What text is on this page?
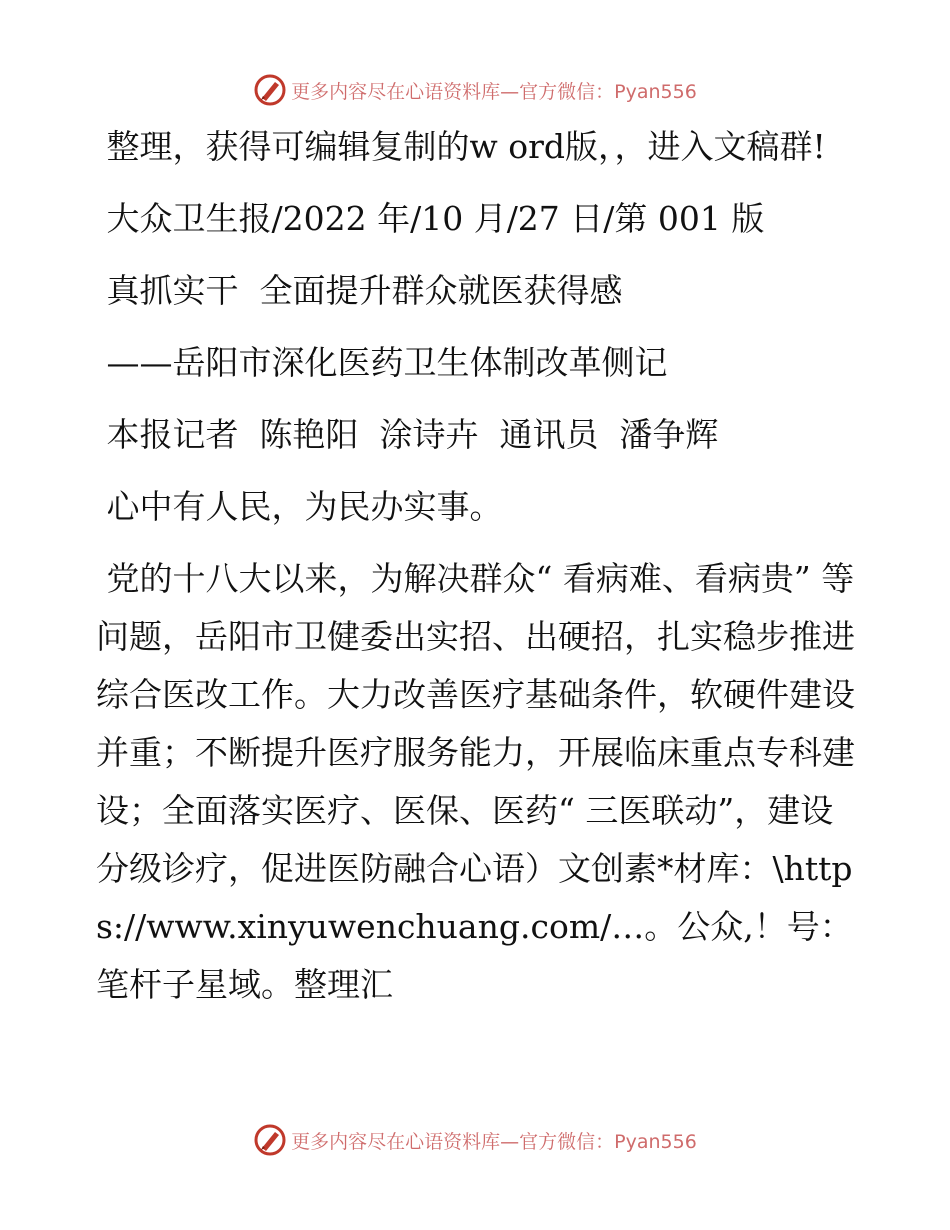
更多内容尽在心语资料库—官方微信：Pyan556

整理，获得可编辑复制的w ord版，，进入文稿群!

大众卫生报/2022 年/10 月/27 日/第 001 版

真抓实干  全面提升群众就医获得感

——岳阳市深化医药卫生体制改革侧记

本报记者  陈艳阳  涂诗卉  通讯员  潘争辉

心中有人民，为民办实事。

党的十八大以来，为解决群众“ 看病难、看病贵” 等问题，岳阳市卫健委出实招、出硬招，扎实稳步推进综合医改工作。大力改善医疗基础条件，软硬件建设并重；不断提升医疗服务能力，开展临床重点专科建设；全面落实医疗、医保、医药“ 三医联动”，建设分级诊疗，促进医防融合心语）文创素*材库：\https://www.xinyuwenchuang.com/…。公众,！号：笔杆子星域。整理汇

更多内容尽在心语资料库—官方微信：Pyan556
